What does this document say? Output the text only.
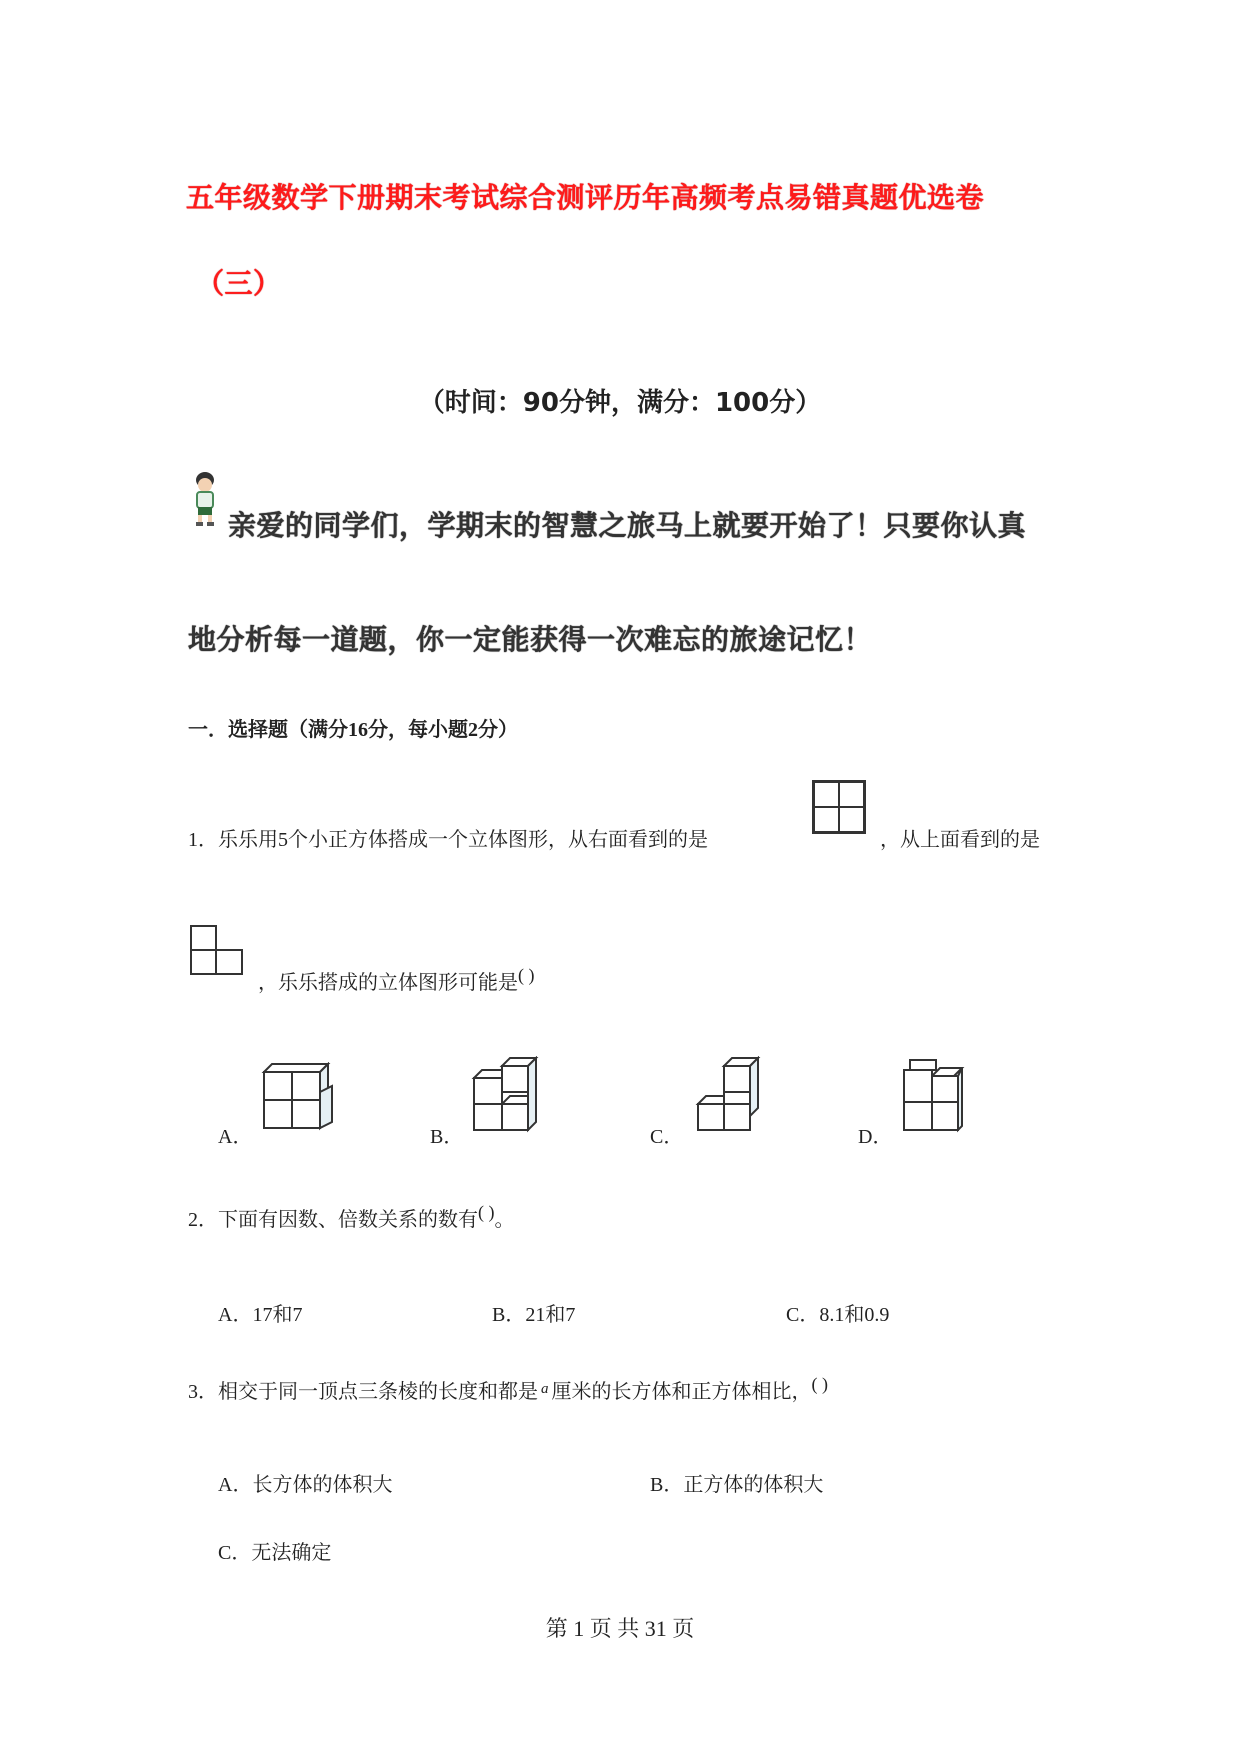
五年级数学下册期末考试综合测评历年高频考点易错真题优选卷
（三）
（时间：90分钟，满分：100分）
亲爱的同学们，学期末的智慧之旅马上就要开始了！只要你认真
地分析每一道题，你一定能获得一次难忘的旅途记忆！
一．选择题（满分16分，每小题2分）
1．乐乐用5个小正方体搭成一个立体图形，从右面看到的是	，从上面看到的是
，乐乐搭成的立体图形可能是( )
A．	B．	C．	D．
2．下面有因数、倍数关系的数有( )。
A．17和7	B．21和7	C．8.1和0.9
3．相交于同一顶点三条棱的长度和都是 $^a$ 厘米的长方体和正方体相比，( )
A．长方体的体积大	B．正方体的体积大
C．无法确定
第 1 页 共 31 页
